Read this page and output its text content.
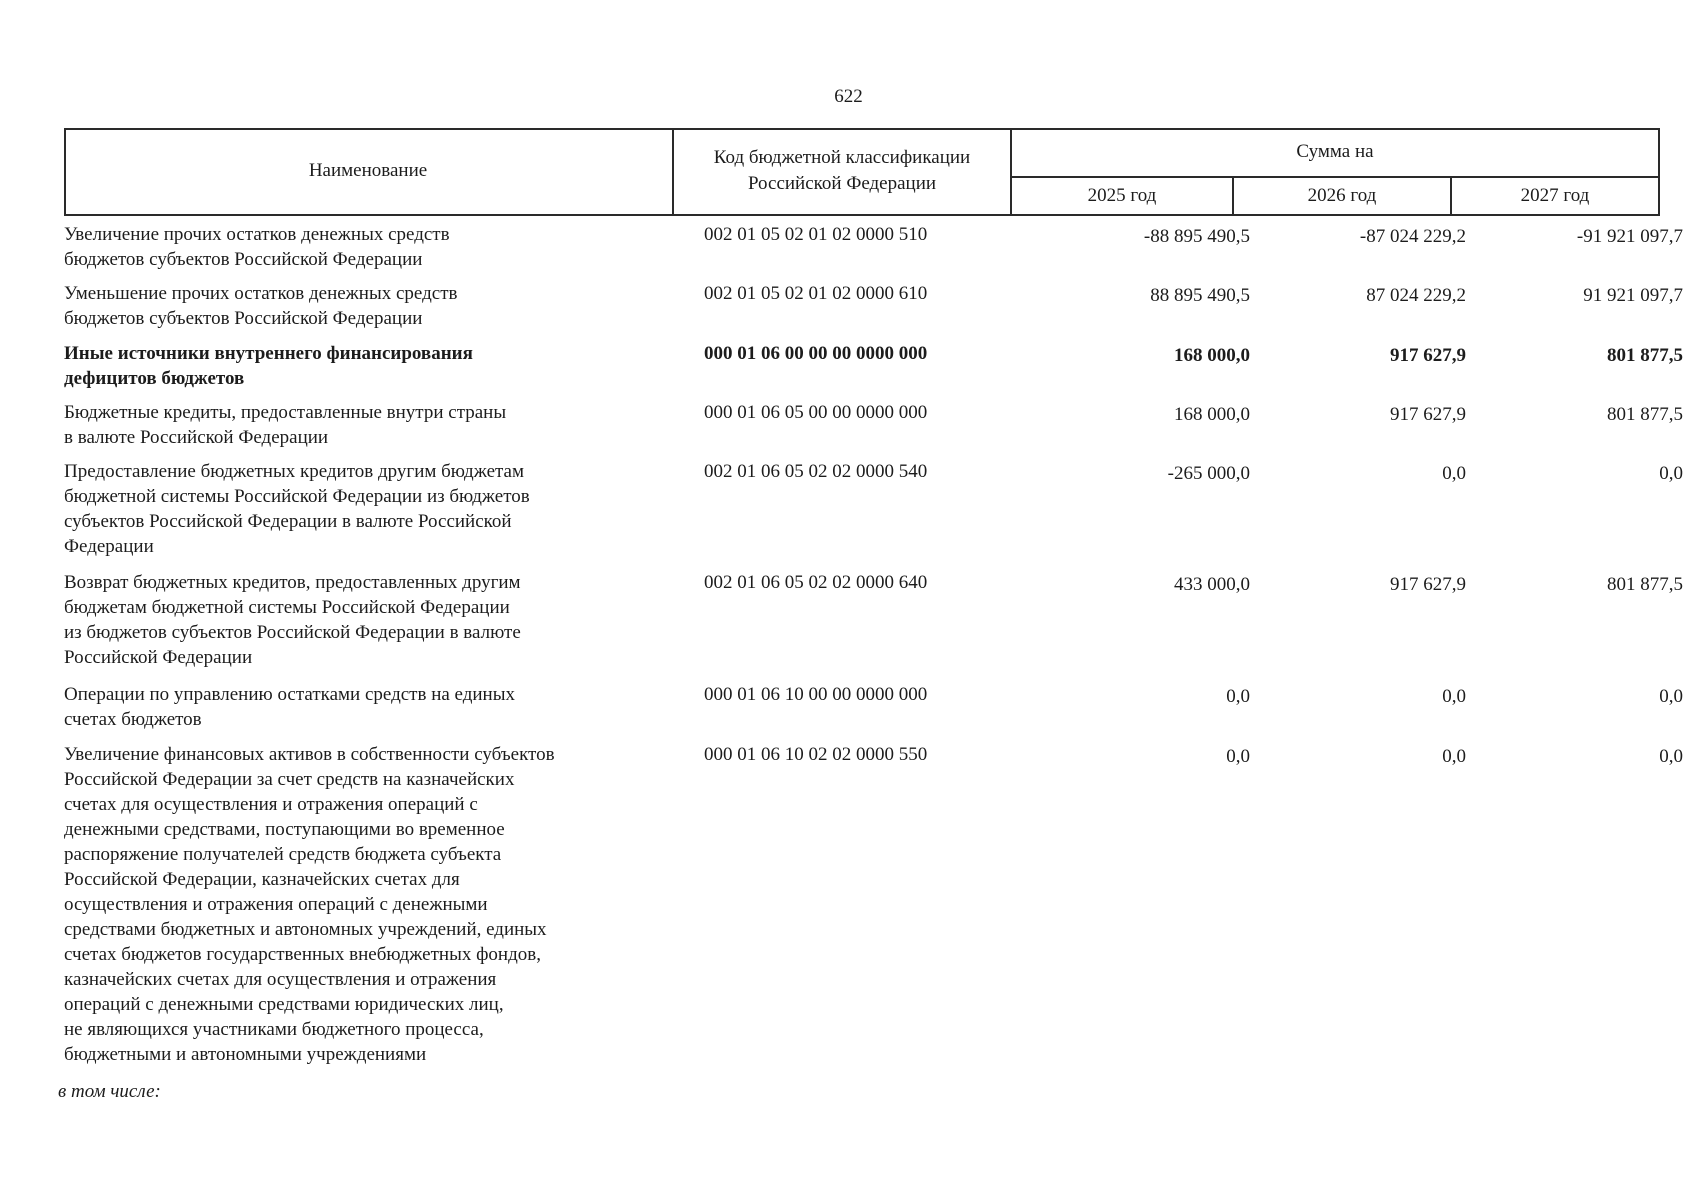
622
Наименование
Код бюджетной классификации
Российской Федерации
Сумма на
2025 год	2026 год	2027 год
Увеличение прочих остатков денежных средств
бюджетов субъектов Российской Федерации
002 01 05 02 01 02 0000 510	-88 895 490,5	-87 024 229,2	-91 921 097,7
Уменьшение прочих остатков денежных средств
бюджетов субъектов Российской Федерации
002 01 05 02 01 02 0000 610	88 895 490,5	87 024 229,2	91 921 097,7
Иные источники внутреннего финансирования
дефицитов бюджетов
000 01 06 00 00 00 0000 000	168 000,0	917 627,9	801 877,5
Бюджетные кредиты, предоставленные внутри страны
в валюте Российской Федерации
000 01 06 05 00 00 0000 000	168 000,0	917 627,9	801 877,5
Предоставление бюджетных кредитов другим бюджетам
бюджетной системы Российской Федерации из бюджетов
субъектов Российской Федерации в валюте Российской
Федерации
002 01 06 05 02 02 0000 540	-265 000,0	0,0	0,0
Возврат бюджетных кредитов, предоставленных другим
бюджетам бюджетной системы Российской Федерации
из бюджетов субъектов Российской Федерации в валюте
Российской Федерации
002 01 06 05 02 02 0000 640	433 000,0	917 627,9	801 877,5
Операции по управлению остатками средств на единых
счетах бюджетов
000 01 06 10 00 00 0000 000	0,0	0,0	0,0
Увеличение финансовых активов в собственности субъектов
Российской Федерации за счет средств на казначейских
счетах для осуществления и отражения операций с
денежными средствами, поступающими во временное
распоряжение получателей средств бюджета субъекта
Российской Федерации, казначейских счетах для
осуществления и отражения операций с денежными
средствами бюджетных и автономных учреждений, единых
счетах бюджетов государственных внебюджетных фондов,
казначейских счетах для осуществления и отражения
операций с денежными средствами юридических лиц,
не являющихся участниками бюджетного процесса,
бюджетными и автономными учреждениями
000 01 06 10 02 02 0000 550	0,0	0,0	0,0
в том числе:
